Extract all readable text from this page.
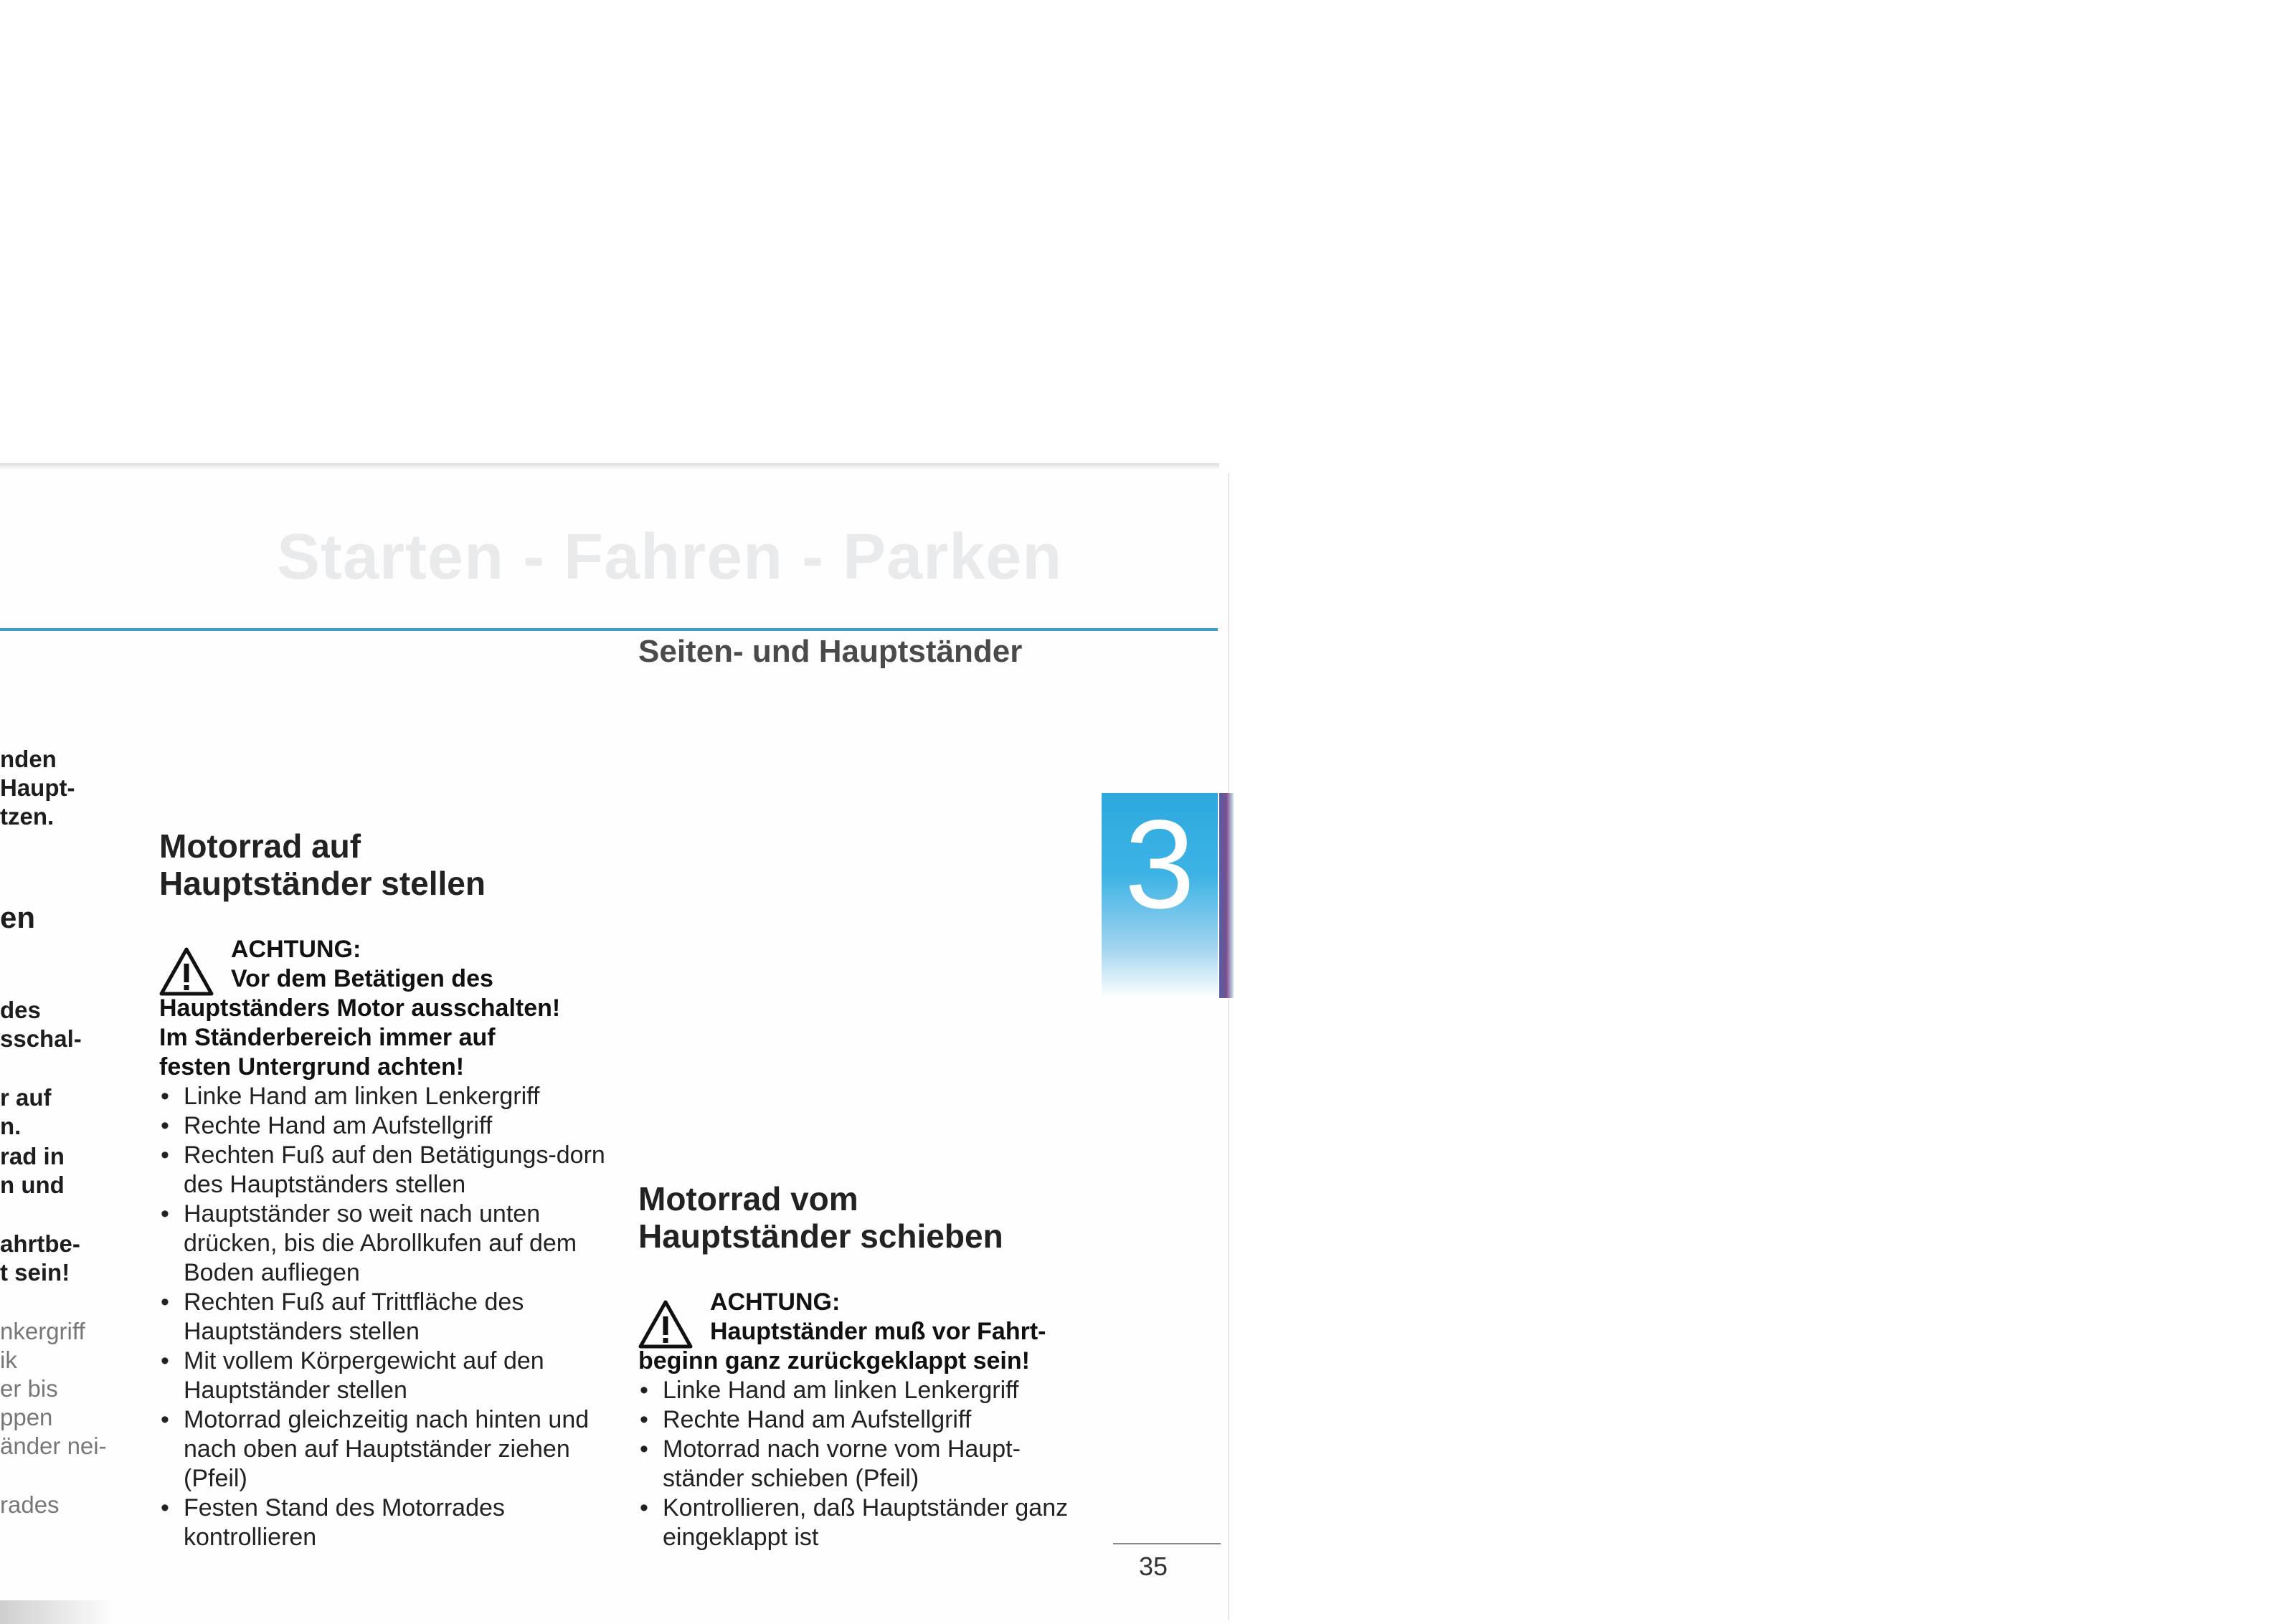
Starten - Fahren - Parken
Seiten- und Hauptständer
3
nden
Haupt-
tzen.
en
des
sschal-
r auf
n.
rad in
n und
ahrtbe-
t sein!
nkergriff
ik
er bis
ppen
änder nei-
rades
Motorrad auf
Hauptständer stellen
ACHTUNG:
Vor dem Betätigen des
Hauptständers Motor ausschalten!
Im Ständerbereich immer auf
festen Untergrund achten!
• Linke Hand am linken Lenkergriff
• Rechte Hand am Aufstellgriff
• Rechten Fuß auf den Betätigungs-dorn des Hauptständers stellen
• Hauptständer so weit nach unten drücken, bis die Abrollkufen auf dem Boden aufliegen
• Rechten Fuß auf Trittfläche des Hauptständers stellen
• Mit vollem Körpergewicht auf den Hauptständer stellen
• Motorrad gleichzeitig nach hinten und nach oben auf Hauptständer ziehen (Pfeil)
• Festen Stand des Motorrades kontrollieren
Motorrad vom
Hauptständer schieben
ACHTUNG:
Hauptständer muß vor Fahrt-
beginn ganz zurückgeklappt sein!
• Linke Hand am linken Lenkergriff
• Rechte Hand am Aufstellgriff
• Motorrad nach vorne vom Haupt-ständer schieben (Pfeil)
• Kontrollieren, daß Hauptständer ganz eingeklappt ist
35
